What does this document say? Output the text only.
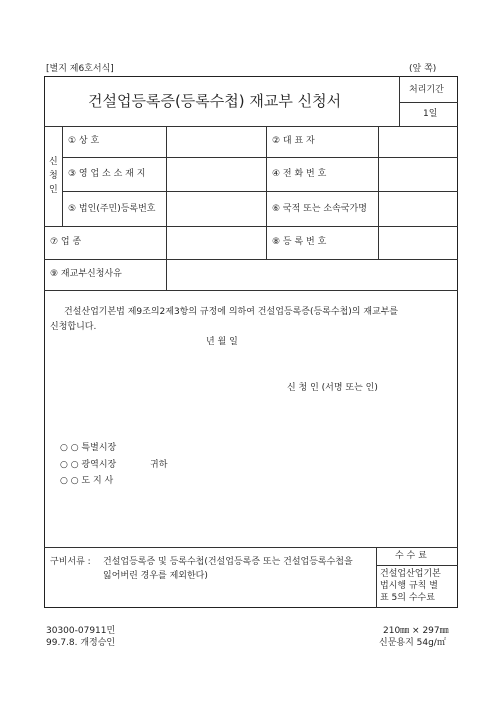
[별지 제6호서식]	(앞 쪽)
건설업등록증(등록수첩) 재교부 신청서
처리기간
1일
신
청
인
① 상 호	② 대 표 자
③ 영 업 소 소 재 지	④ 전 화 번 호
⑤ 법인(주민)등록번호	⑥ 국적 또는 소속국가명
⑦ 업 종	⑧ 등 록 번 호
⑨ 재교부신청사유
건설산업기본법 제9조의2제3항의 규정에 의하여 건설업등록증(등록수첩)의 재교부를
신청합니다.
년 월 일
신 청 인 (서명 또는 인)
○ ○ 특별시장
○ ○ 광역시장	귀하
○ ○ 도 지 사
구비서류 : 건설업등록증 및 등록수첩(건설업등록증 또는 건설업등록수첩을
잃어버린 경우를 제외한다)
수 수 료
건설업산업기본
법시행 규칙 별
표 5의 수수료
30300-07911민
99.7.8. 개정승인
210㎜ × 297㎜
신문용지 54g/㎡
